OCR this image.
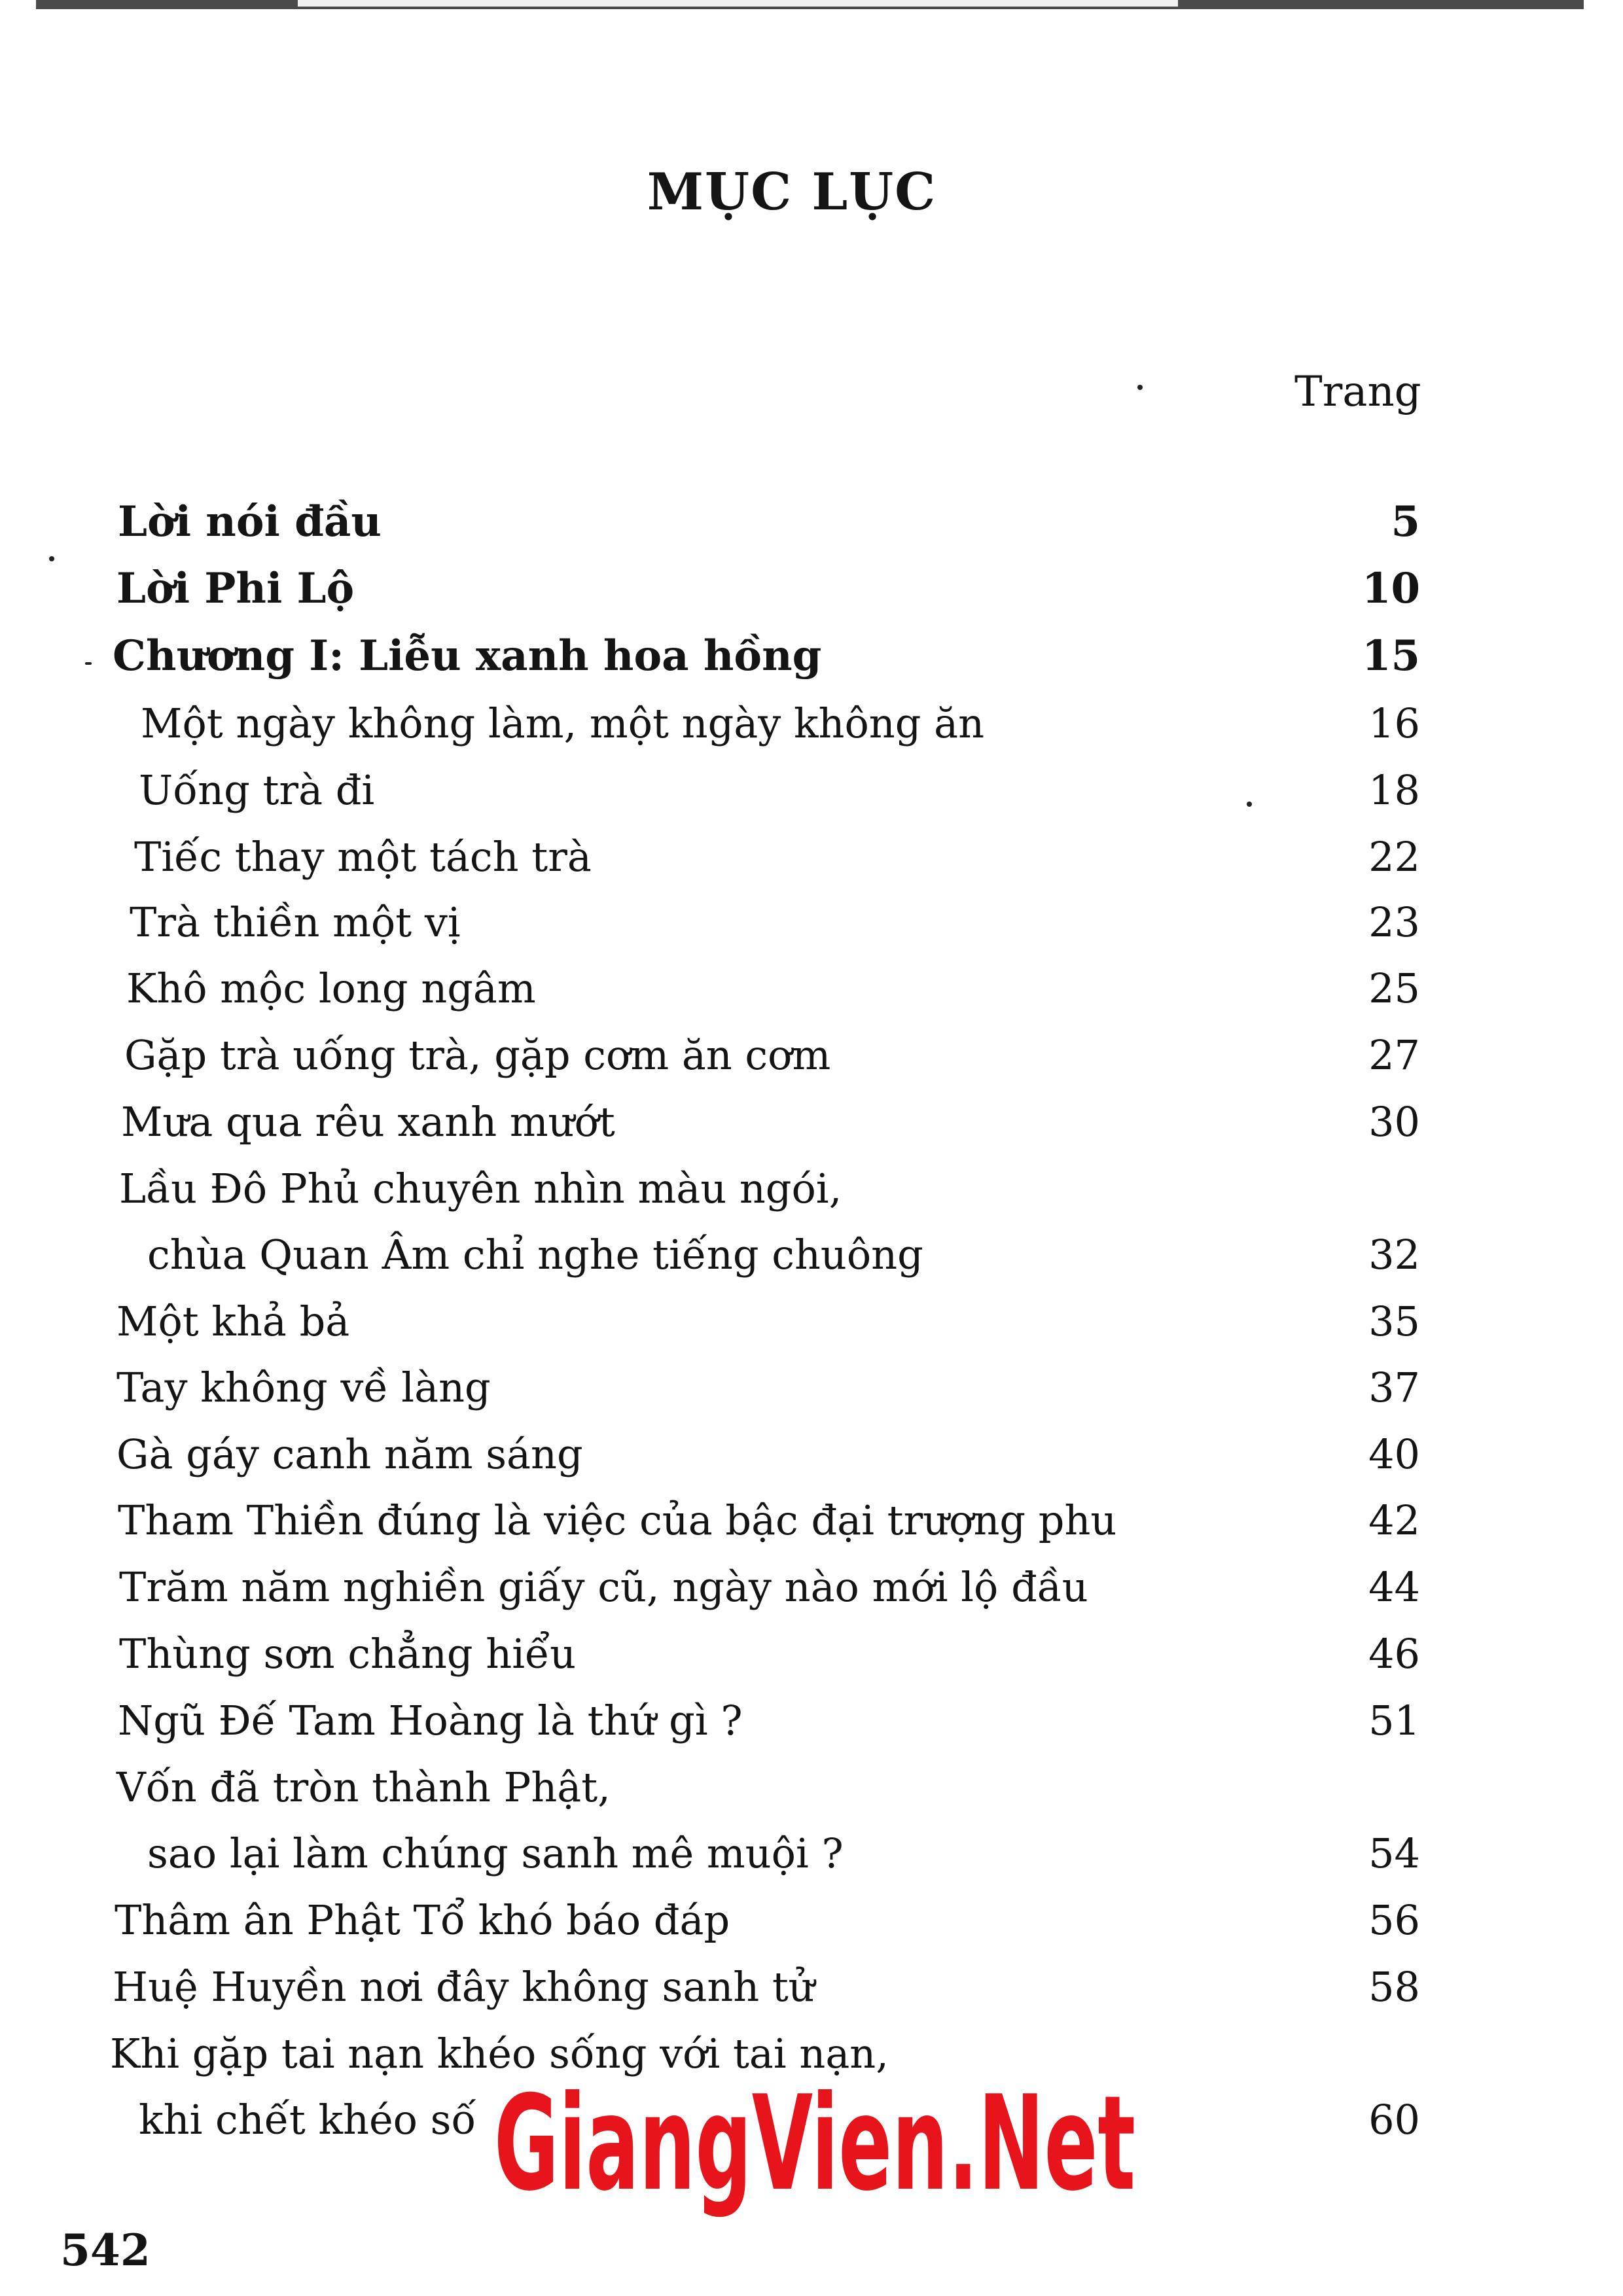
MỤC LỤC
Trang
Lời nói đầu	5
Lời Phi Lộ	10
Chương I: Liễu xanh hoa hồng	15
Một ngày không làm, một ngày không ăn	16
Uống trà đi	18
Tiếc thay một tách trà	22
Trà thiền một vị	23
Khô mộc long ngâm	25
Gặp trà uống trà, gặp cơm ăn cơm	27
Mưa qua rêu xanh mướt	30
Lầu Đô Phủ chuyên nhìn màu ngói,
chùa Quan Âm chỉ nghe tiếng chuông	32
Một khả bả	35
Tay không về làng	37
Gà gáy canh năm sáng	40
Tham Thiền đúng là việc của bậc đại trượng phu	42
Trăm năm nghiền giấy cũ, ngày nào mới lộ đầu	44
Thùng sơn chẳng hiểu	46
Ngũ Đế Tam Hoàng là thứ gì ?	51
Vốn đã tròn thành Phật,
sao lại làm chúng sanh mê muội ?	54
Thâm ân Phật Tổ khó báo đáp	56
Huệ Huyền nơi đây không sanh tử	58
Khi gặp tai nạn khéo sống với tai nạn,
khi chết khéo số	60
GiangVien.Net
542
